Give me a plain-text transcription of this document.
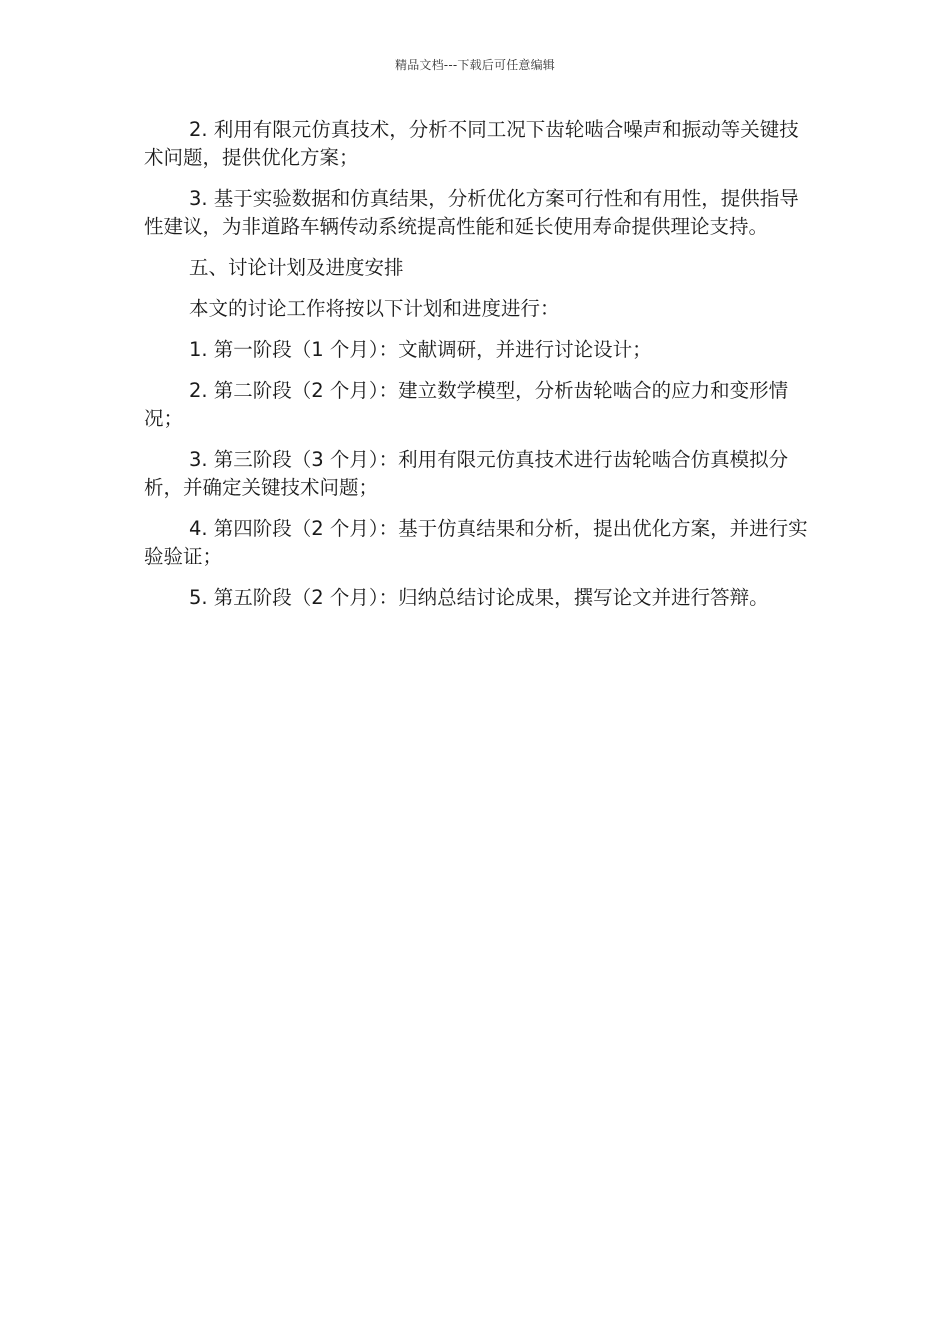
精品文档---下载后可任意编辑

2. 利用有限元仿真技术，分析不同工况下齿轮啮合噪声和振动等关键技术问题，提供优化方案；

3. 基于实验数据和仿真结果，分析优化方案可行性和有用性，提供指导性建议，为非道路车辆传动系统提高性能和延长使用寿命提供理论支持。

五、讨论计划及进度安排

本文的讨论工作将按以下计划和进度进行：

1. 第一阶段（1 个月）：文献调研，并进行讨论设计；

2. 第二阶段（2 个月）：建立数学模型，分析齿轮啮合的应力和变形情况；

3. 第三阶段（3 个月）：利用有限元仿真技术进行齿轮啮合仿真模拟分析，并确定关键技术问题；

4. 第四阶段（2 个月）：基于仿真结果和分析，提出优化方案，并进行实验验证；

5. 第五阶段（2 个月）：归纳总结讨论成果，撰写论文并进行答辩。
